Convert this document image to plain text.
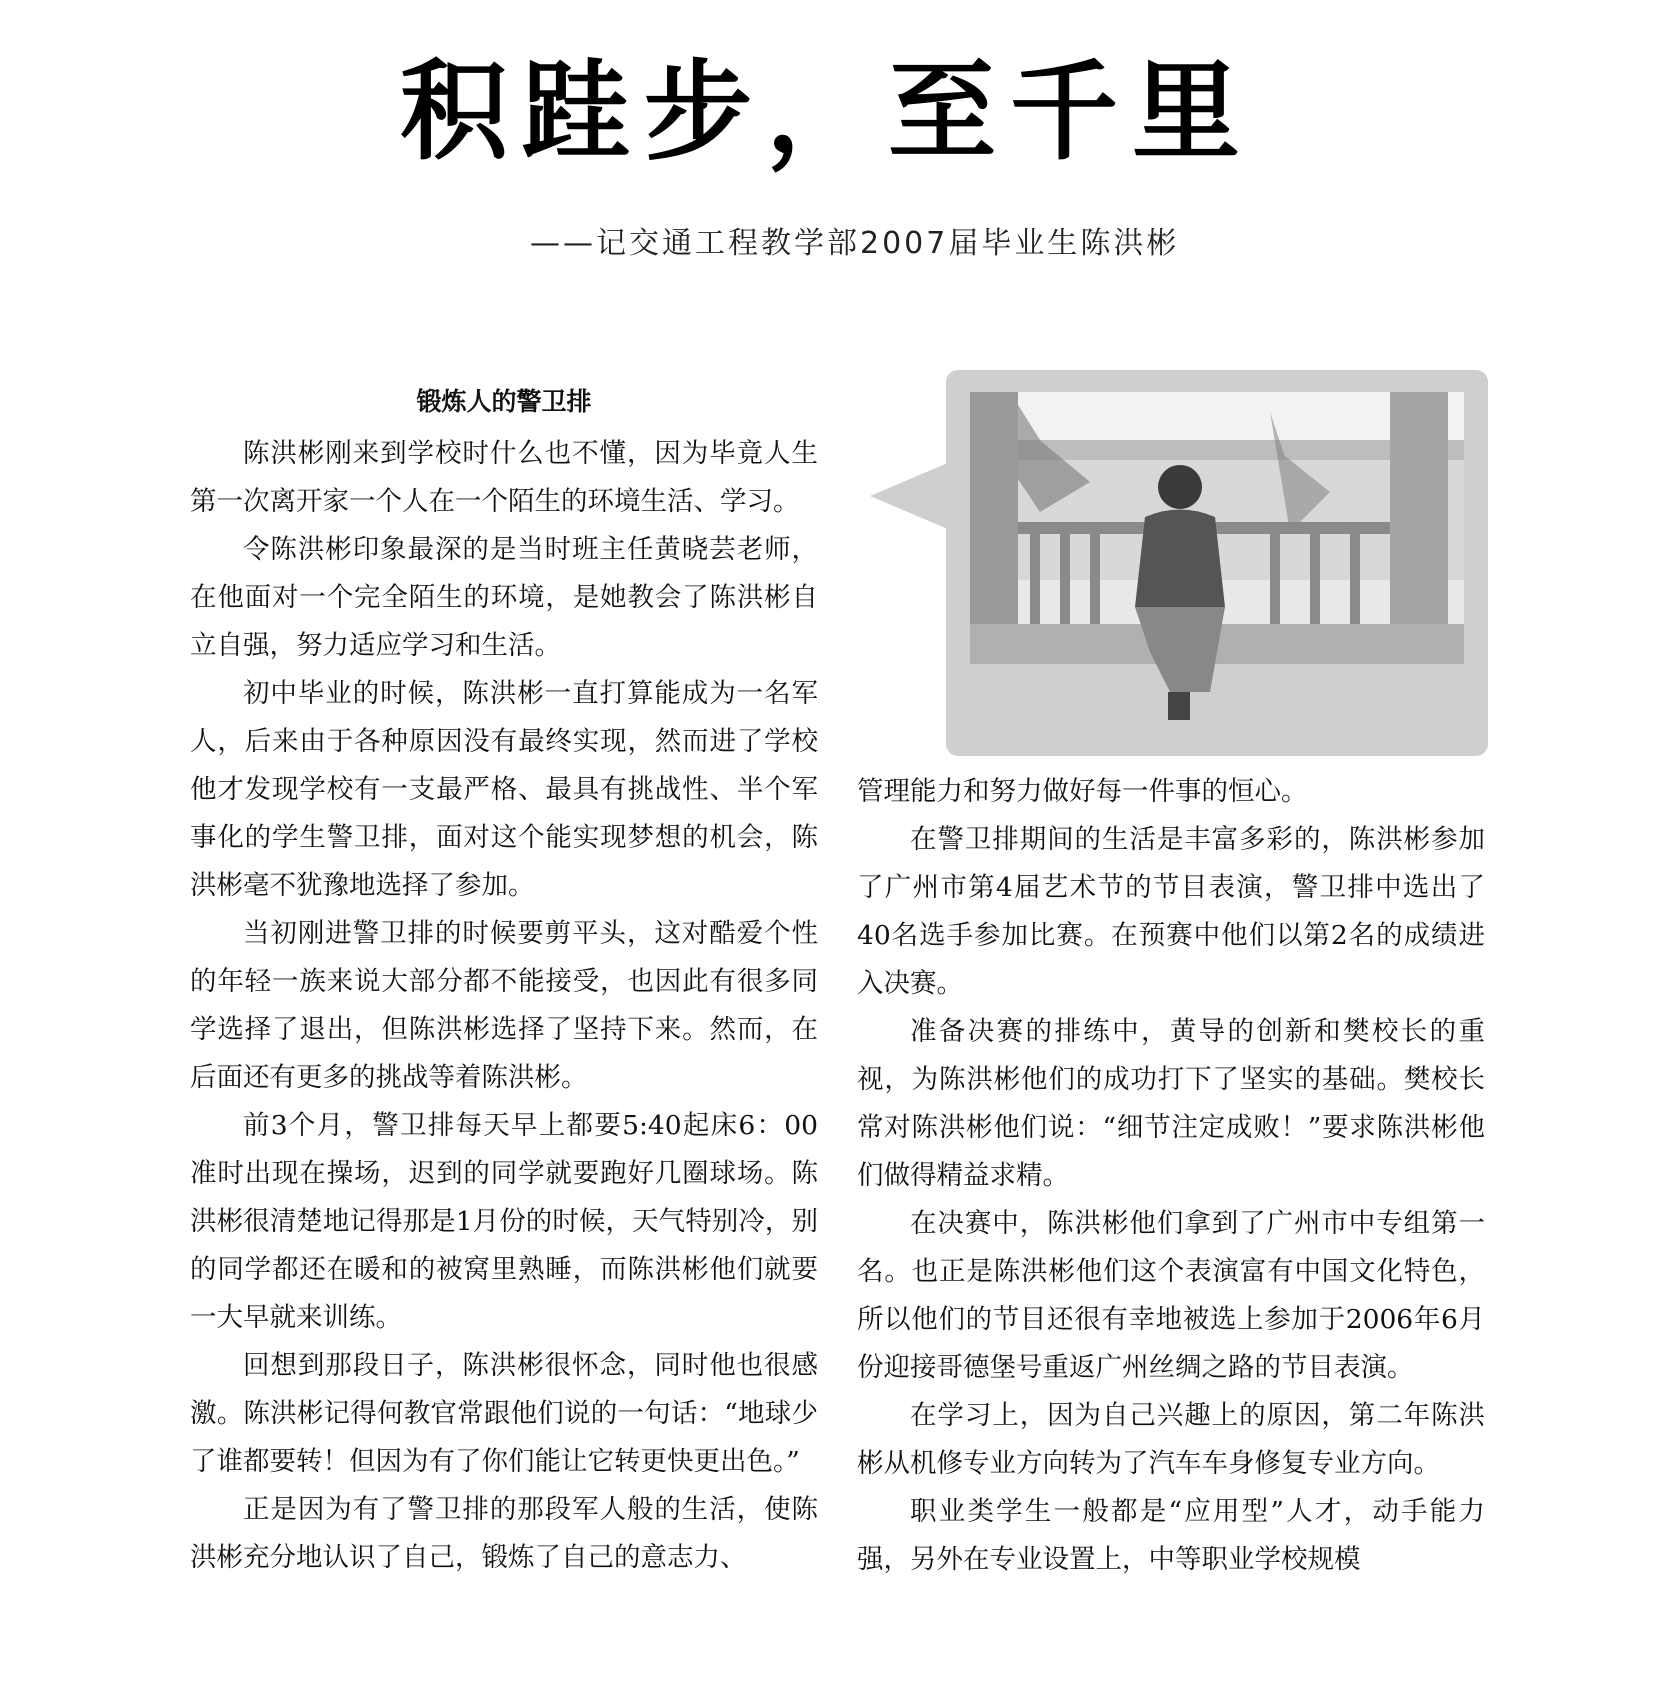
积跬步，至千里
——记交通工程教学部2007届毕业生陈洪彬
锻炼人的警卫排

陈洪彬刚来到学校时什么也不懂，因为毕竟人生第一次离开家一个人在一个陌生的环境生活、学习。

令陈洪彬印象最深的是当时班主任黄晓芸老师，在他面对一个完全陌生的环境，是她教会了陈洪彬自立自强，努力适应学习和生活。

初中毕业的时候，陈洪彬一直打算能成为一名军人，后来由于各种原因没有最终实现，然而进了学校他才发现学校有一支最严格、最具有挑战性、半个军事化的学生警卫排，面对这个能实现梦想的机会，陈洪彬毫不犹豫地选择了参加。

当初刚进警卫排的时候要剪平头，这对酷爱个性的年轻一族来说大部分都不能接受，也因此有很多同学选择了退出，但陈洪彬选择了坚持下来。然而，在后面还有更多的挑战等着陈洪彬。

前3个月，警卫排每天早上都要5:40起床6：00准时出现在操场，迟到的同学就要跑好几圈球场。陈洪彬很清楚地记得那是1月份的时候，天气特别冷，别的同学都还在暖和的被窝里熟睡，而陈洪彬他们就要一大早就来训练。

回想到那段日子，陈洪彬很怀念，同时他也很感激。陈洪彬记得何教官常跟他们说的一句话：“地球少了谁都要转！但因为有了你们能让它转更快更出色。”

正是因为有了警卫排的那段军人般的生活，使陈洪彬充分地认识了自己，锻炼了自己的意志力、

管理能力和努力做好每一件事的恒心。

在警卫排期间的生活是丰富多彩的，陈洪彬参加了广州市第4届艺术节的节目表演，警卫排中选出了40名选手参加比赛。在预赛中他们以第2名的成绩进入决赛。

准备决赛的排练中，黄导的创新和樊校长的重视，为陈洪彬他们的成功打下了坚实的基础。樊校长常对陈洪彬他们说：“细节注定成败！”要求陈洪彬他们做得精益求精。

在决赛中，陈洪彬他们拿到了广州市中专组第一名。也正是陈洪彬他们这个表演富有中国文化特色，所以他们的节目还很有幸地被选上参加于2006年6月份迎接哥德堡号重返广州丝绸之路的节目表演。

在学习上，因为自己兴趣上的原因，第二年陈洪彬从机修专业方向转为了汽车车身修复专业方向。

职业类学生一般都是“应用型”人才，动手能力强，另外在专业设置上，中等职业学校规模
